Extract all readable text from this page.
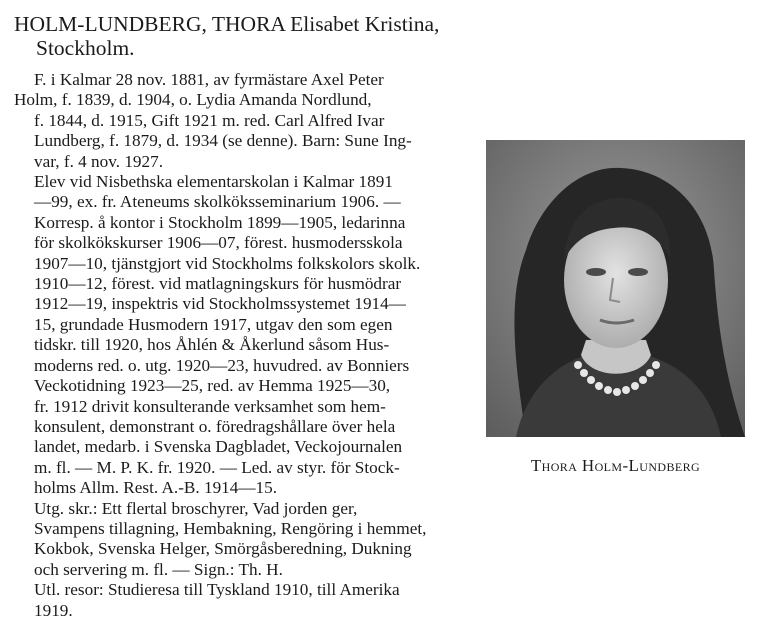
HOLM-LUNDBERG, THORA Elisabet Kristina,
Stockholm.

F. i Kalmar 28 nov. 1881, av fyrmästare Axel Peter
Holm, f. 1839, d. 1904, o. Lydia Amanda Nordlund,
f. 1844, d. 1915, Gift 1921 m. red. Carl Alfred Ivar
Lundberg, f. 1879, d. 1934 (se denne). Barn: Sune Ing-
var, f. 4 nov. 1927.

Elev vid Nisbethska elementarskolan i Kalmar 1891
—99, ex. fr. Ateneums skolköksseminarium 1906. —
Korresp. å kontor i Stockholm 1899—1905, ledarinna
för skolkökskurser 1906—07, förest. husmodersskola
1907—10, tjänstgjort vid Stockholms folkskolors skolk.
1910—12, förest. vid matlagningskurs för husmödrar
1912—19, inspektris vid Stockholmssystemet 1914—
15, grundade Husmodern 1917, utgav den som egen
tidskr. till 1920, hos Åhlén & Åkerlund såsom Hus-
moderns red. o. utg. 1920—23, huvudred. av Bonniers
Veckotidning 1923—25, red. av Hemma 1925—30,
fr. 1912 drivit konsulterande verksamhet som hem-
konsulent, demonstrant o. föredragshållare över hela
landet, medarb. i Svenska Dagbladet, Veckojournalen
m. fl. — M. P. K. fr. 1920. — Led. av styr. för Stock-
holms Allm. Rest. A.-B. 1914—15.

Utg. skr.: Ett flertal broschyrer, Vad jorden ger,
Svampens tillagning, Hembakning, Rengöring i hemmet,
Kokbok, Svenska Helger, Smörgåsberedning, Dukning
och servering m. fl. — Sign.: Th. H.

Utl. resor: Studieresa till Tyskland 1910, till Amerika
1919.

Thora Holm-Lundberg
